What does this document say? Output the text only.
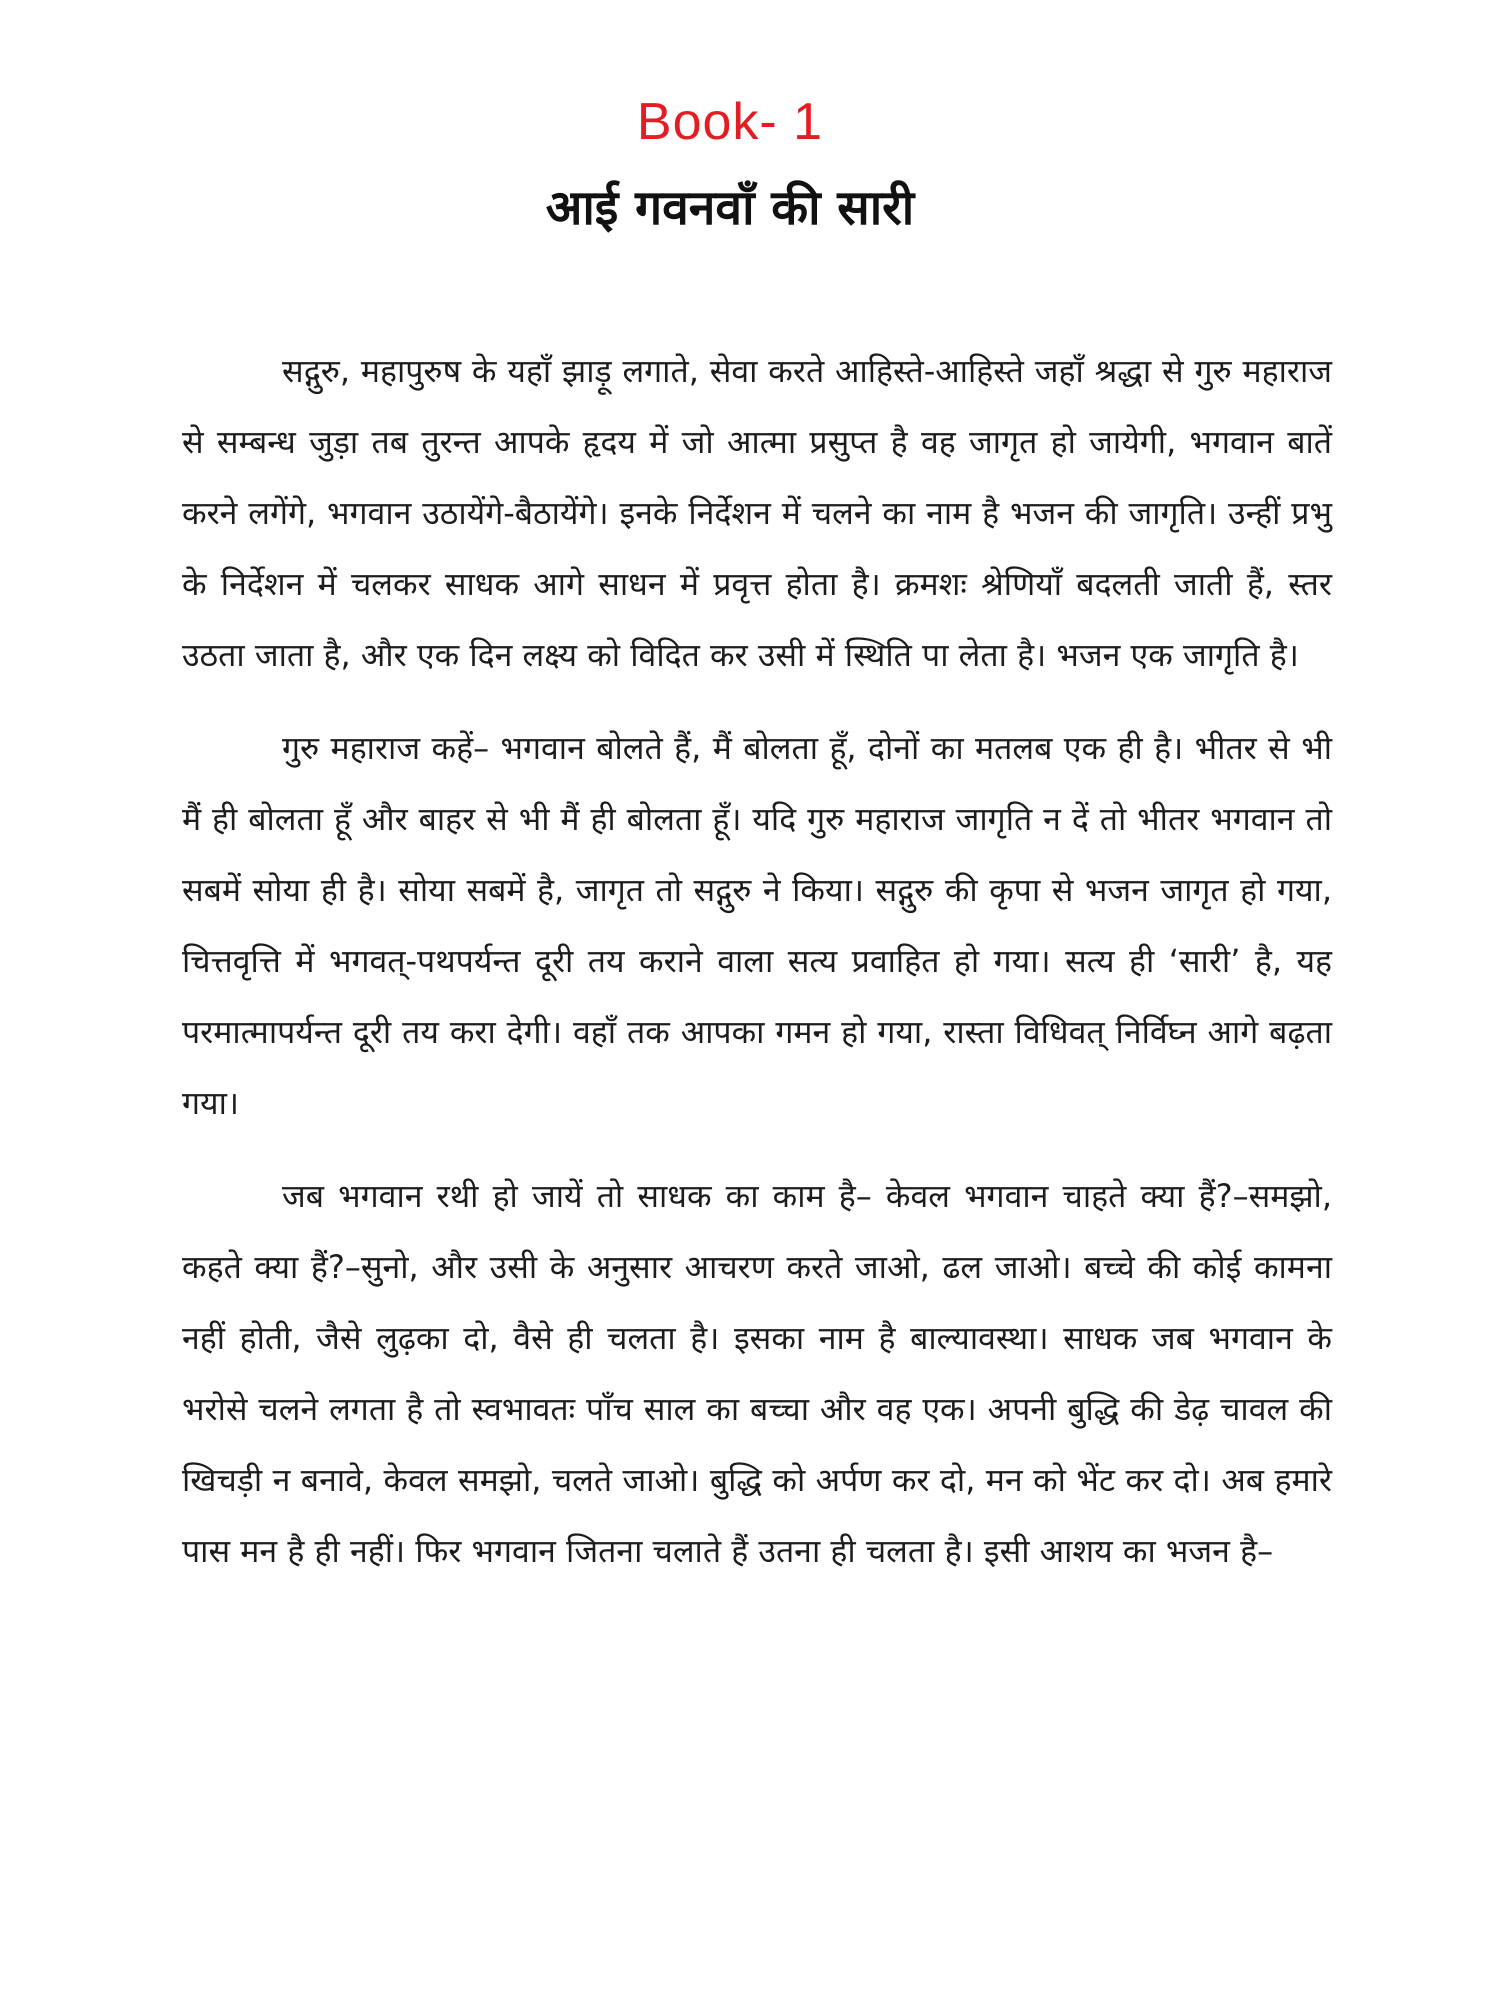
Book- 1
आई गवनवाँ की सारी

सद्गुरु, महापुरुष के यहाँ झाड़ू लगाते, सेवा करते आहिस्ते-आहिस्ते जहाँ श्रद्धा से गुरु महाराज से सम्बन्ध जुड़ा तब तुरन्त आपके हृदय में जो आत्मा प्रसुप्त है वह जागृत हो जायेगी, भगवान बातें करने लगेंगे, भगवान उठायेंगे-बैठायेंगे। इनके निर्देशन में चलने का नाम है भजन की जागृति। उन्हीं प्रभु के निर्देशन में चलकर साधक आगे साधन में प्रवृत्त होता है। क्रमशः श्रेणियाँ बदलती जाती हैं, स्तर उठता जाता है, और एक दिन लक्ष्य को विदित कर उसी में स्थिति पा लेता है। भजन एक जागृति है।

गुरु महाराज कहें– भगवान बोलते हैं, मैं बोलता हूँ, दोनों का मतलब एक ही है। भीतर से भी मैं ही बोलता हूँ और बाहर से भी मैं ही बोलता हूँ। यदि गुरु महाराज जागृति न दें तो भीतर भगवान तो सबमें सोया ही है। सोया सबमें है, जागृत तो सद्गुरु ने किया। सद्गुरु की कृपा से भजन जागृत हो गया, चित्तवृत्ति में भगवत्-पथपर्यन्त दूरी तय कराने वाला सत्य प्रवाहित हो गया। सत्य ही ‘सारी’ है, यह परमात्मापर्यन्त दूरी तय करा देगी। वहाँ तक आपका गमन हो गया, रास्ता विधिवत् निर्विघ्न आगे बढ़ता गया।

जब भगवान रथी हो जायें तो साधक का काम है– केवल भगवान चाहते क्या हैं?–समझो, कहते क्या हैं?–सुनो, और उसी के अनुसार आचरण करते जाओ, ढल जाओ। बच्चे की कोई कामना नहीं होती, जैसे लुढ़का दो, वैसे ही चलता है। इसका नाम है बाल्यावस्था। साधक जब भगवान के भरोसे चलने लगता है तो स्वभावतः पाँच साल का बच्चा और वह एक। अपनी बुद्धि की डेढ़ चावल की खिचड़ी न बनावे, केवल समझो, चलते जाओ। बुद्धि को अर्पण कर दो, मन को भेंट कर दो। अब हमारे पास मन है ही नहीं। फिर भगवान जितना चलाते हैं उतना ही चलता है। इसी आशय का भजन है–
